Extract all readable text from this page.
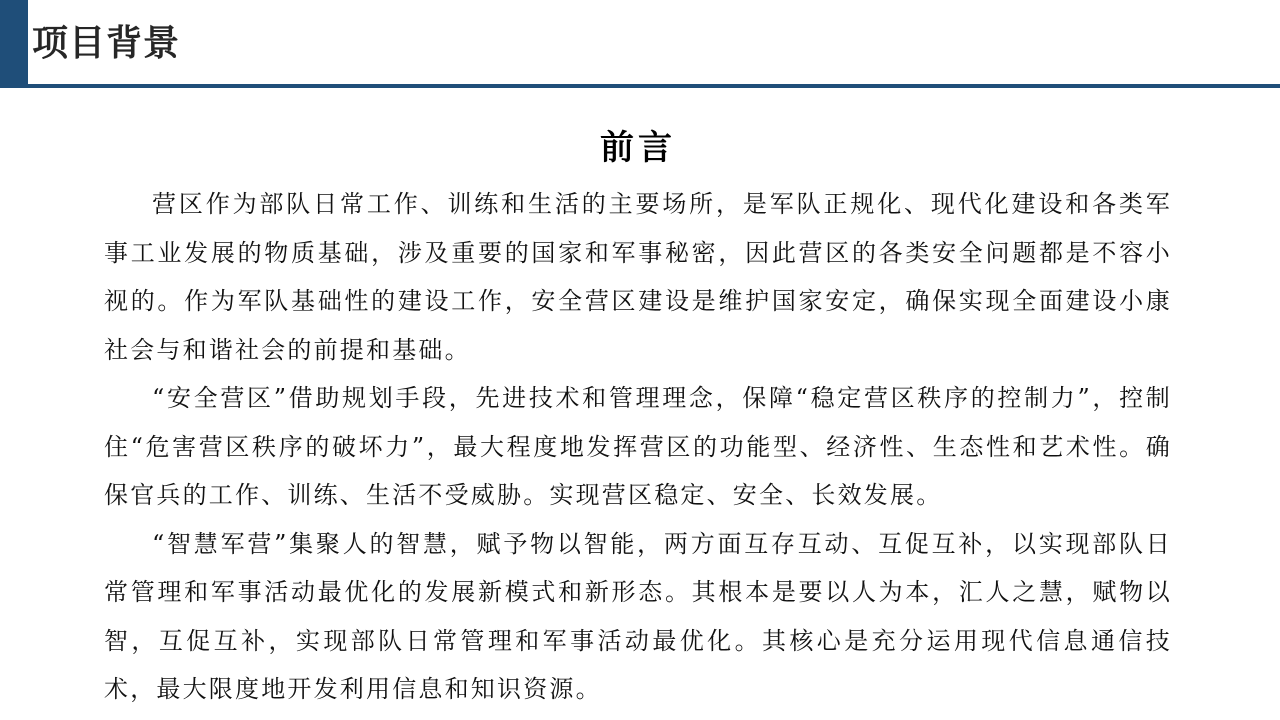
项目背景
前言

营区作为部队日常工作、训练和生活的主要场所，是军队正规化、现代化建设和各类军事工业发展的物质基础，涉及重要的国家和军事秘密，因此营区的各类安全问题都是不容小视的。作为军队基础性的建设工作，安全营区建设是维护国家安定，确保实现全面建设小康社会与和谐社会的前提和基础。

“安全营区”借助规划手段，先进技术和管理理念，保障“稳定营区秩序的控制力”，控制住“危害营区秩序的破坏力”，最大程度地发挥营区的功能型、经济性、生态性和艺术性。确保官兵的工作、训练、生活不受威胁。实现营区稳定、安全、长效发展。

“智慧军营”集聚人的智慧，赋予物以智能，两方面互存互动、互促互补，以实现部队日常管理和军事活动最优化的发展新模式和新形态。其根本是要以人为本，汇人之慧，赋物以智，互促互补，实现部队日常管理和军事活动最优化。其核心是充分运用现代信息通信技术，最大限度地开发利用信息和知识资源。
